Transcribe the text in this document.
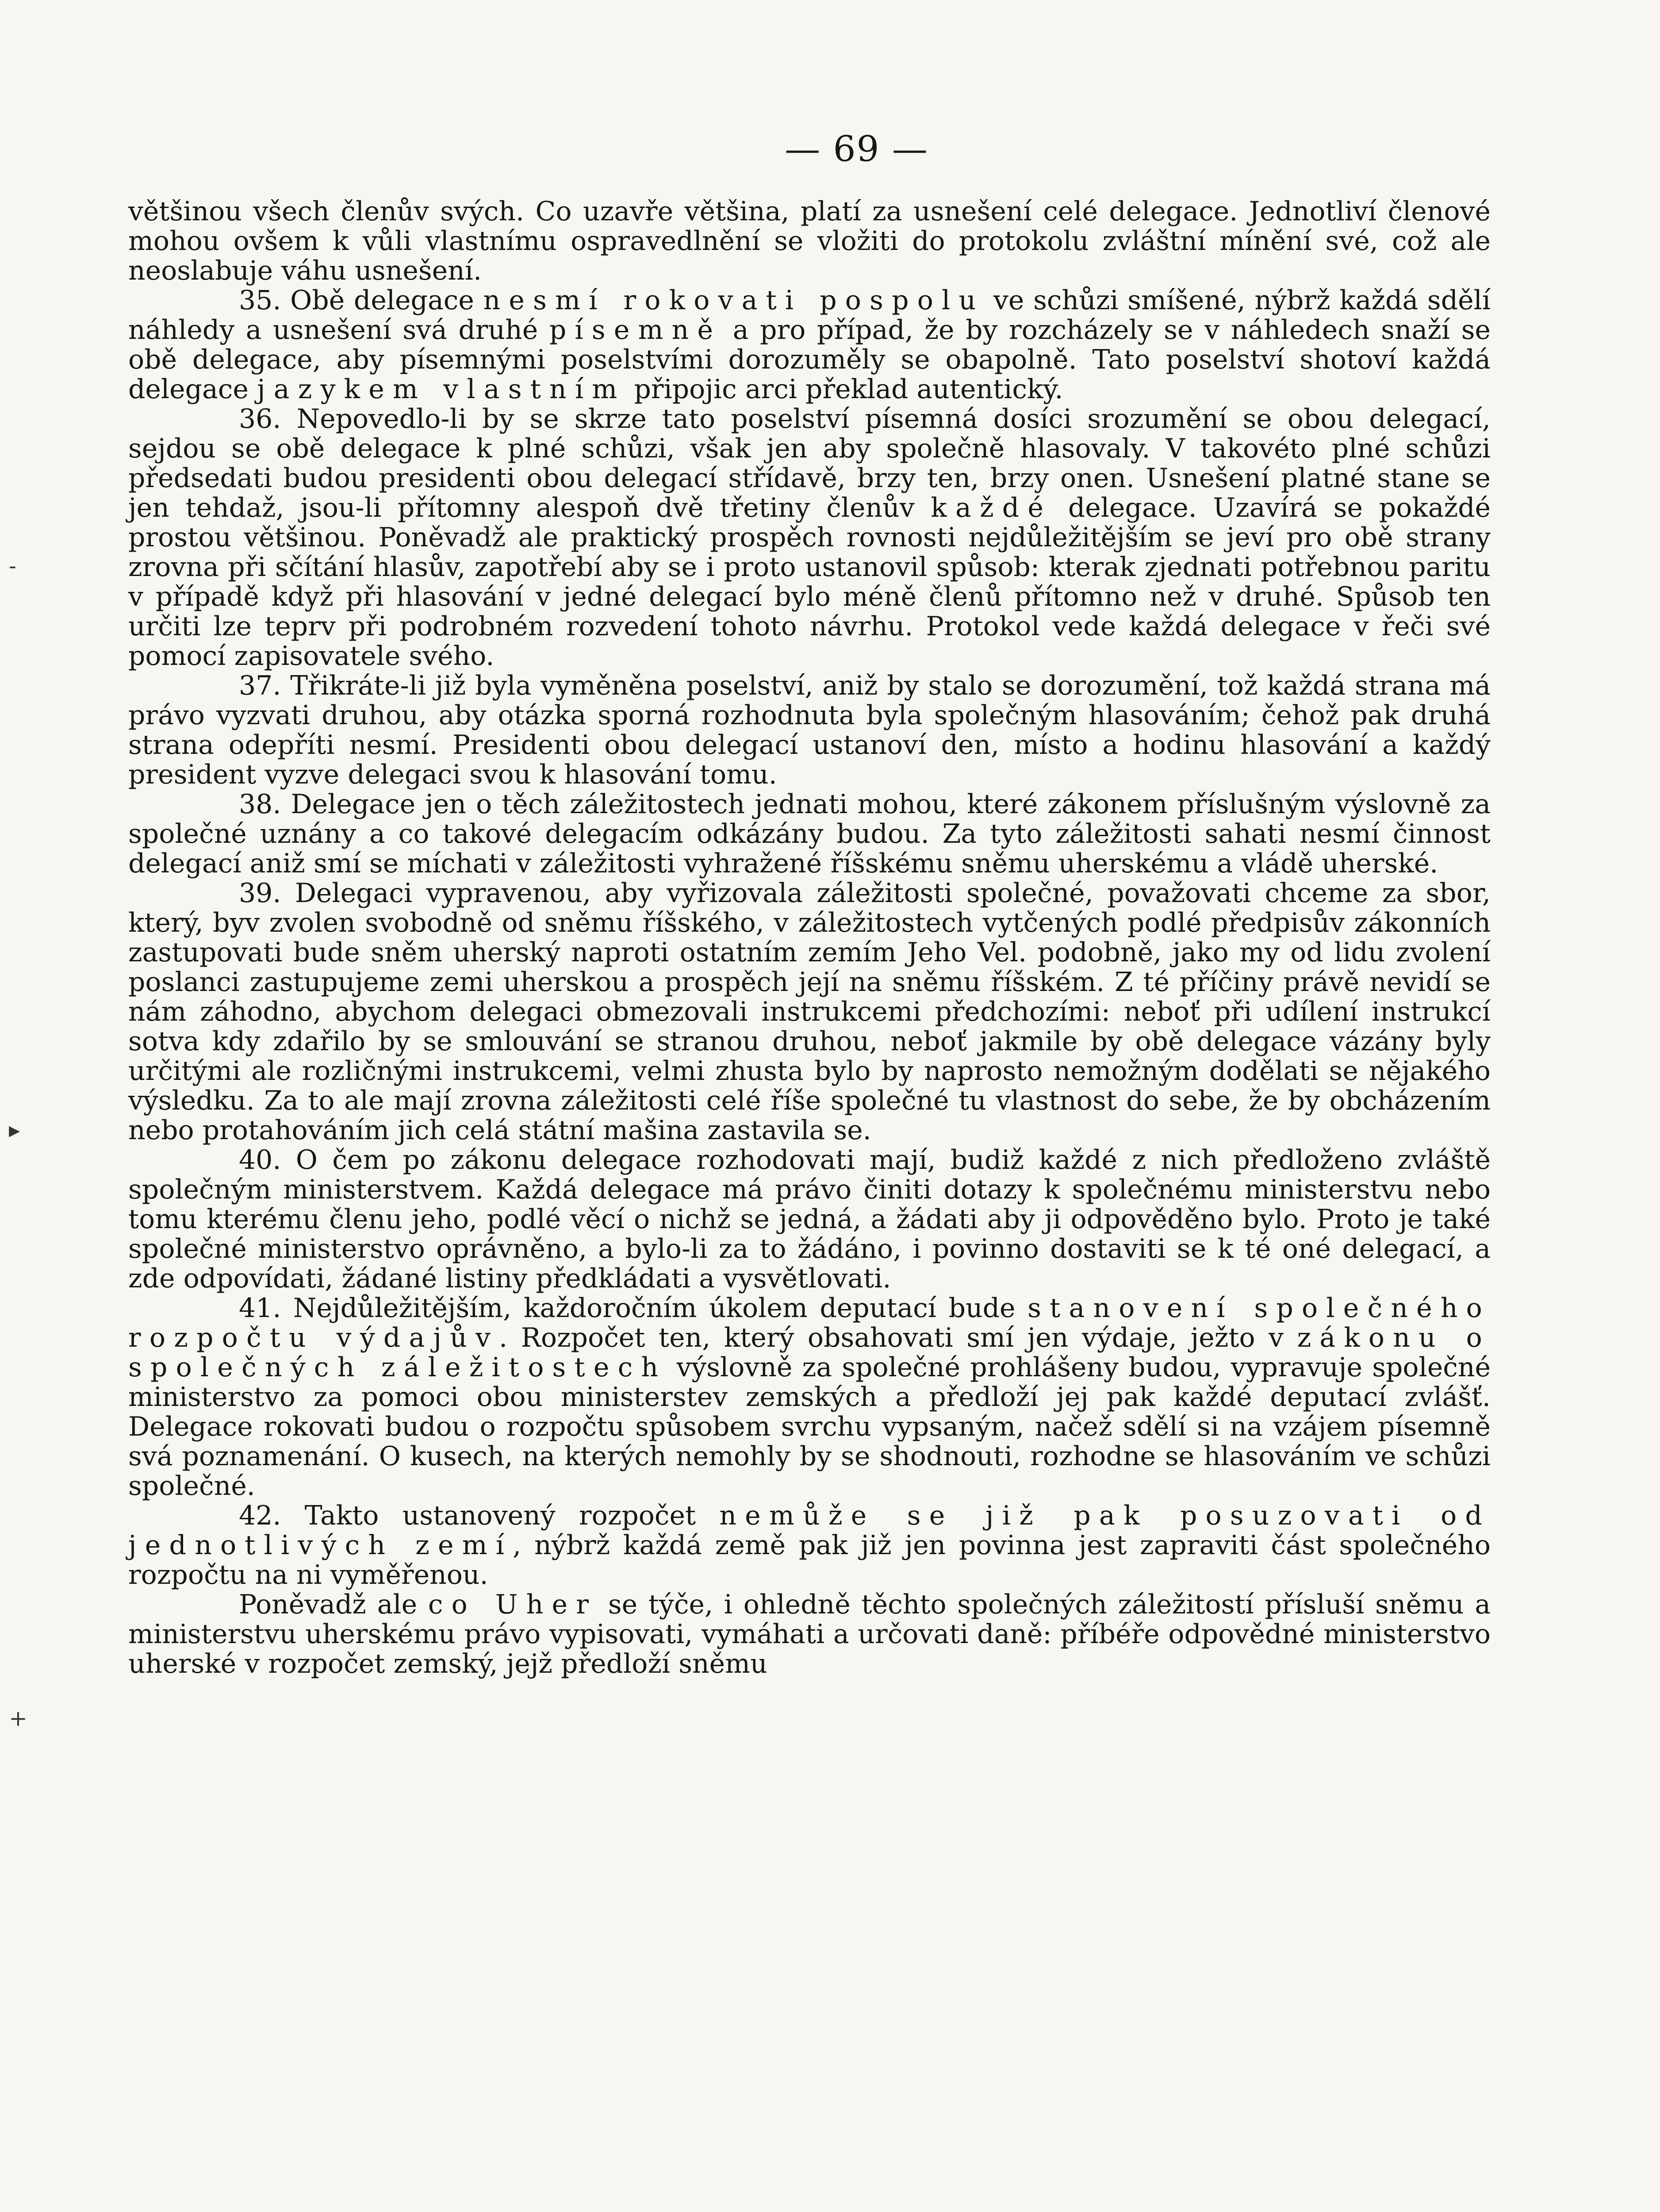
— 69 —

většinou všech členův svých. Co uzavře většina, platí za usnešení celé delegace. Jednotliví členové mohou ovšem k vůli vlastnímu ospravedlnění se vložiti do protokolu zvláštní mínění své, což ale neoslabuje váhu usnešení.

35. Obě delegace nesmí rokovati pospolu ve schůzi smíšené, nýbrž každá sdělí náhledy a usnešení svá druhé písemně a pro případ, že by rozcházely se v náhledech snaží se obě delegace, aby písemnými poselstvími dorozuměly se obapolně. Tato poselství shotoví každá delegace jazykem vlastním připojic arci překlad autentický.

36. Nepovedlo-li by se skrze tato poselství písemná dosíci srozumění se obou delegací, sejdou se obě delegace k plné schůzi, však jen aby společně hlasovaly. V takovéto plné schůzi předsedati budou presidenti obou delegací střídavě, brzy ten, brzy onen. Usnešení platné stane se jen tehdaž, jsou-li přítomny alespoň dvě třetiny členův každé delegace. Uzavírá se pokaždé prostou většinou. Poněvadž ale praktický prospěch rovnosti nejdůležitějším se jeví pro obě strany zrovna při sčítání hlasův, zapotřebí aby se i proto ustanovil spůsob: kterak zjednati potřebnou paritu v případě když při hlasování v jedné delegací bylo méně členů přítomno než v druhé. Spůsob ten určiti lze teprv při podrobném rozvedení tohoto návrhu. Protokol vede každá delegace v řeči své pomocí zapisovatele svého.

37. Třikráte-li již byla vyměněna poselství, aniž by stalo se dorozumění, tož každá strana má právo vyzvati druhou, aby otázka sporná rozhodnuta byla společným hlasováním; čehož pak druhá strana odepříti nesmí. Presidenti obou delegací ustanoví den, místo a hodinu hlasování a každý president vyzve delegaci svou k hlasování tomu.

38. Delegace jen o těch záležitostech jednati mohou, které zákonem příslušným výslovně za společné uznány a co takové delegacím odkázány budou. Za tyto záležitosti sahati nesmí činnost delegací aniž smí se míchati v záležitosti vyhražené říšskému sněmu uherskému a vládě uherské.

39. Delegaci vypravenou, aby vyřizovala záležitosti společné, považovati chceme za sbor, který, byv zvolen svobodně od sněmu říšského, v záležitostech vytčených podlé předpisův zákonních zastupovati bude sněm uherský naproti ostatním zemím Jeho Vel. podobně, jako my od lidu zvolení poslanci zastupujeme zemi uherskou a prospěch její na sněmu říšském. Z té příčiny právě nevidí se nám záhodno, abychom delegaci obmezovali instrukcemi předchozími: neboť při udílení instrukcí sotva kdy zdařilo by se smlouvání se stranou druhou, neboť jakmile by obě delegace vázány byly určitými ale rozličnými instrukcemi, velmi zhusta bylo by naprosto nemožným dodělati se nějakého výsledku. Za to ale mají zrovna záležitosti celé říše společné tu vlastnost do sebe, že by obcházením nebo protahováním jich celá státní mašina zastavila se.

40. O čem po zákonu delegace rozhodovati mají, budiž každé z nich předloženo zvláště společným ministerstvem. Každá delegace má právo činiti dotazy k společnému ministerstvu nebo tomu kterému členu jeho, podlé věcí o nichž se jedná, a žádati aby ji odpověděno bylo. Proto je také společné ministerstvo oprávněno, a bylo-li za to žádáno, i povinno dostaviti se k té oné delegací, a zde odpovídati, žádané listiny předkládati a vysvětlovati.

41. Nejdůležitějším, každoročním úkolem deputací bude stanovení společného rozpočtu výdajův. Rozpočet ten, který obsahovati smí jen výdaje, ježto v zákonu o společných záležitostech výslovně za společné prohlášeny budou, vypravuje společné ministerstvo za pomoci obou ministerstev zemských a předloží jej pak každé deputací zvlášť. Delegace rokovati budou o rozpočtu spůsobem svrchu vypsaným, načež sdělí si na vzájem písemně svá poznamenání. O kusech, na kterých nemohly by se shodnouti, rozhodne se hlasováním ve schůzi společné.

42. Takto ustanovený rozpočet nemůže se již pak posuzovati od jednotlivých zemí, nýbrž každá země pak již jen povinna jest zapraviti část společného rozpočtu na ni vyměřenou.

Poněvadž ale co Uher se týče, i ohledně těchto společných záležitostí přísluší sněmu a ministerstvu uherskému právo vypisovati, vymáhati a určovati daně: příbéře odpovědné ministerstvo uherské v rozpočet zemský, jejž předloží sněmu

-
▸
+
